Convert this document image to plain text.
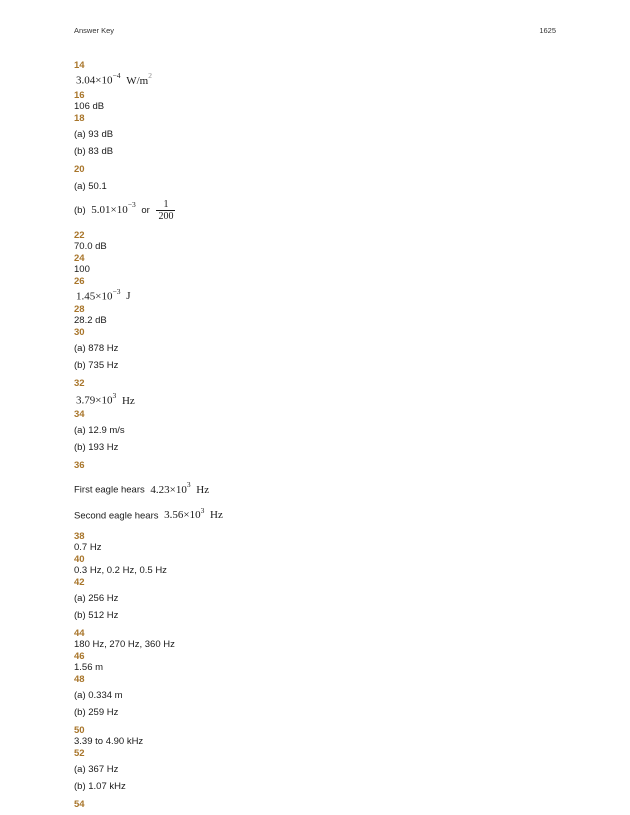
Answer Key	1625
14
$3.04\times 10^{-4}$ $W/m^2$
16
106 dB
18
(a) 93 dB
(b) 83 dB
20
(a) 50.1
(b) $5.01\times 10^{-3}$ or $\frac{1}{200}$
22
70.0 dB
24
100
26
$1.45\times 10^{-3}$ J
28
28.2 dB
30
(a) 878 Hz
(b) 735 Hz
32
$3.79\times 10^3$ Hz
34
(a) 12.9 m/s
(b) 193 Hz
36
First eagle hears $4.23\times 10^3$ Hz
Second eagle hears $3.56\times 10^3$ Hz
38
0.7 Hz
40
0.3 Hz, 0.2 Hz, 0.5 Hz
42
(a) 256 Hz
(b) 512 Hz
44
180 Hz, 270 Hz, 360 Hz
46
1.56 m
48
(a) 0.334 m
(b) 259 Hz
50
3.39 to 4.90 kHz
52
(a) 367 Hz
(b) 1.07 kHz
54
